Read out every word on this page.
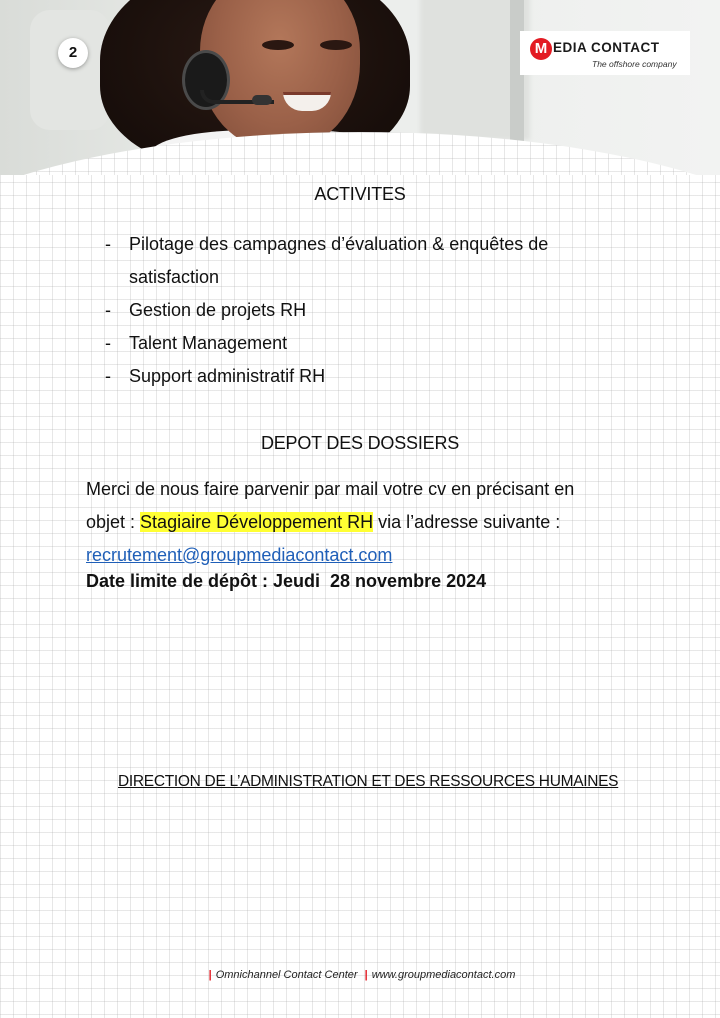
2	M EDIA CONTACT
The offshore company
ACTIVITES
- Pilotage des campagnes d’évaluation & enquêtes de
satisfaction
- Gestion de projets RH
- Talent Management
- Support administratif RH
DEPOT DES DOSSIERS
Merci de nous faire parvenir par mail votre cv en précisant en
objet : Stagiaire Développement RH via l’adresse suivante :
recrutement@groupmediacontact.com
Date limite de dépôt : Jeudi  28 novembre 2024
DIRECTION DE L’ADMINISTRATION ET DES RESSOURCES HUMAINES
| Omnichannel Contact Center | www.groupmediacontact.com
